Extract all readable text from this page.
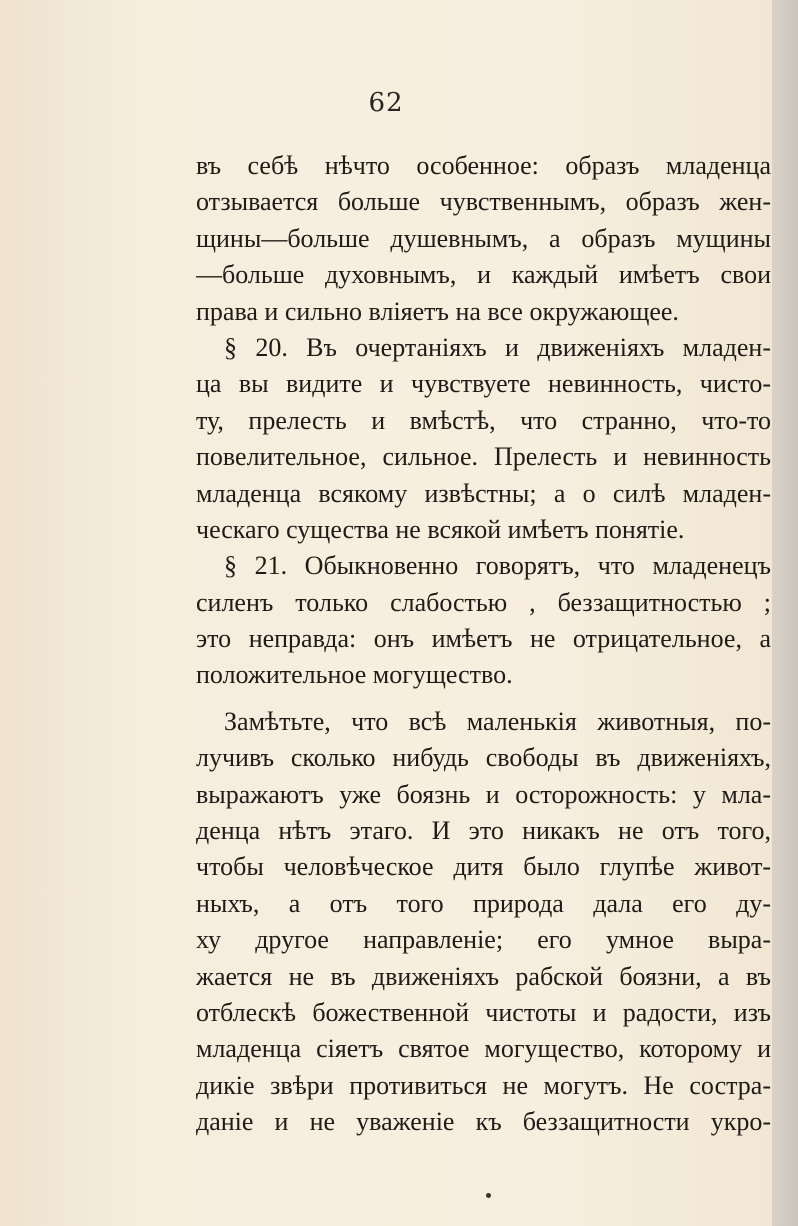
62
въ себѣ нѣчто особенное: образъ младенца
отзывается больше чувственнымъ, образъ жен-
щины—больше душевнымъ, а образъ мущины
—больше духовнымъ, и каждый имѣетъ свои
права и сильно вліяетъ на все окружающее.
§ 20. Въ очертаніяхъ и движеніяхъ младен-
ца вы видите и чувствуете невинность, чисто-
ту, прелесть и вмѣстѣ, что странно, что-то
повелительное, сильное. Прелесть и невинность
младенца всякому извѣстны; а о силѣ младен-
ческаго существа не всякой имѣетъ понятіе.
§ 21. Обыкновенно говорятъ, что младенецъ
силенъ только слабостью , беззащитностью ;
это неправда: онъ имѣетъ не отрицательное, а
положительное могущество.
Замѣтьте, что всѣ маленькія животныя, по-
лучивъ сколько нибудь свободы въ движеніяхъ,
выражаютъ уже боязнь и осторожность: у мла-
денца нѣтъ этаго. И это никакъ не отъ того,
чтобы человѣческое дитя было глупѣе живот-
ныхъ, а отъ того природа дала его ду-
ху другое направленіе; его умное выра-
жается не въ движеніяхъ рабской боязни, а въ
отблескѣ божественной чистоты и радости, изъ
младенца сіяетъ святое могущество, которому и
дикіе звѣри противиться не могутъ. Не состра-
даніе и не уваженіе къ беззащитности укро-
